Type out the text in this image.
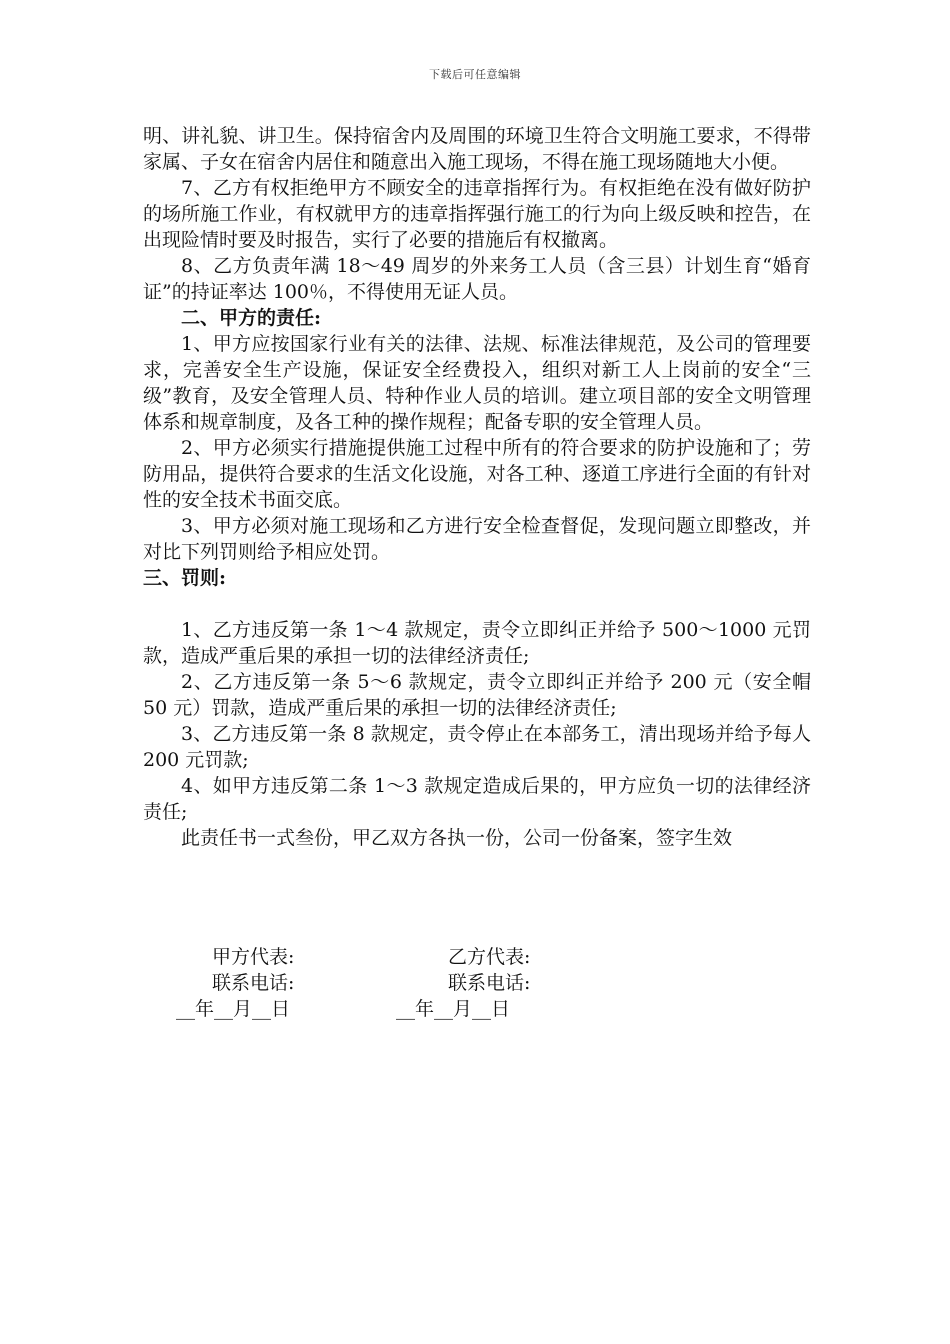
下载后可任意编辑

明、讲礼貌、讲卫生。保持宿舍内及周围的环境卫生符合文明施工要求，不得带家属、子女在宿舍内居住和随意出入施工现场，不得在施工现场随地大小便。

7、乙方有权拒绝甲方不顾安全的违章指挥行为。有权拒绝在没有做好防护的场所施工作业，有权就甲方的违章指挥强行施工的行为向上级反映和控告，在出现险情时要及时报告，实行了必要的措施后有权撤离。

8、乙方负责年满 18～49 周岁的外来务工人员（含三县）计划生育“婚育证”的持证率达 100％，不得使用无证人员。

二、甲方的责任:

1、甲方应按国家行业有关的法律、法规、标准法律规范，及公司的管理要求，完善安全生产设施，保证安全经费投入，组织对新工人上岗前的安全“三级”教育，及安全管理人员、特种作业人员的培训。建立项目部的安全文明管理体系和规章制度，及各工种的操作规程；配备专职的安全管理人员。

2、甲方必须实行措施提供施工过程中所有的符合要求的防护设施和了；劳防用品，提供符合要求的生活文化设施，对各工种、逐道工序进行全面的有针对性的安全技术书面交底。

3、甲方必须对施工现场和乙方进行安全检查督促，发现问题立即整改，并对比下列罚则给予相应处罚。

三、罚则:

1、乙方违反第一条 1～4 款规定，责令立即纠正并给予 500～1000 元罚款，造成严重后果的承担一切的法律经济责任;

2、乙方违反第一条 5～6 款规定，责令立即纠正并给予 200 元（安全帽 50 元）罚款，造成严重后果的承担一切的法律经济责任;

3、乙方违反第一条 8 款规定，责令停止在本部务工，清出现场并给予每人 200 元罚款;

4、如甲方违反第二条 1～3 款规定造成后果的，甲方应负一切的法律经济责任;

此责任书一式叁份，甲乙双方各执一份，公司一份备案，签字生效

甲方代表:	乙方代表:
联系电话:	联系电话:
__年__月__日	__年__月__日
